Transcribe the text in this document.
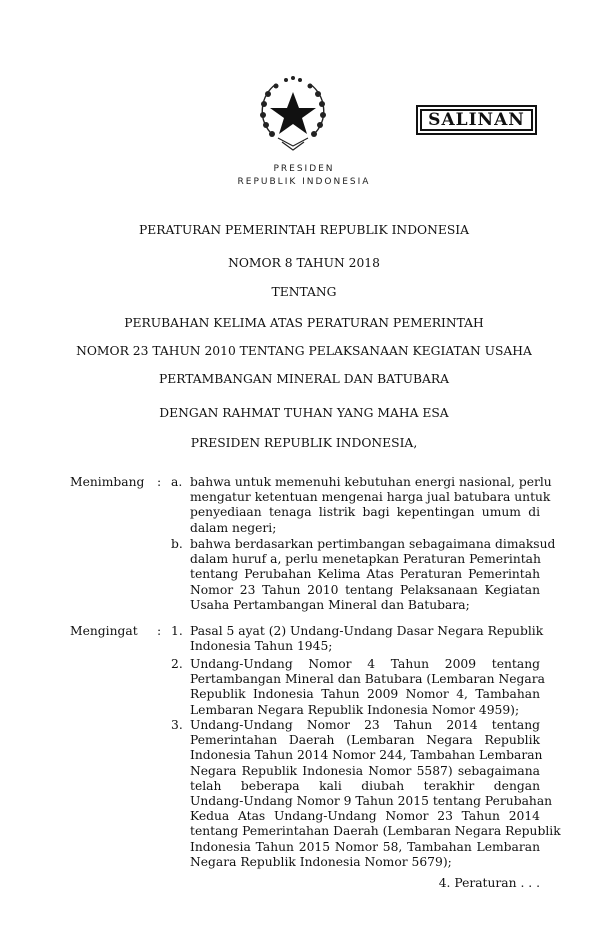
SALINAN
PRESIDEN
REPUBLIK INDONESIA
PERATURAN PEMERINTAH REPUBLIK INDONESIA
NOMOR 8 TAHUN 2018
TENTANG
PERUBAHAN KELIMA ATAS PERATURAN PEMERINTAH
NOMOR 23 TAHUN 2010 TENTANG PELAKSANAAN KEGIATAN USAHA
PERTAMBANGAN MINERAL DAN BATUBARA
DENGAN RAHMAT TUHAN YANG MAHA ESA
PRESIDEN REPUBLIK INDONESIA,
Menimbang : a. bahwa untuk memenuhi kebutuhan energi nasional, perlu
mengatur ketentuan mengenai harga jual batubara untuk
penyediaan tenaga listrik bagi kepentingan umum di
dalam negeri;
b. bahwa berdasarkan pertimbangan sebagaimana dimaksud
dalam huruf a, perlu menetapkan Peraturan Pemerintah
tentang Perubahan Kelima Atas Peraturan Pemerintah
Nomor 23 Tahun 2010 tentang Pelaksanaan Kegiatan
Usaha Pertambangan Mineral dan Batubara;
Mengingat : 1. Pasal 5 ayat (2) Undang-Undang Dasar Negara Republik
Indonesia Tahun 1945;
2. Undang-Undang Nomor 4 Tahun 2009 tentang
Pertambangan Mineral dan Batubara (Lembaran Negara
Republik Indonesia Tahun 2009 Nomor 4, Tambahan
Lembaran Negara Republik Indonesia Nomor 4959);
3. Undang-Undang Nomor 23 Tahun 2014 tentang
Pemerintahan Daerah (Lembaran Negara Republik
Indonesia Tahun 2014 Nomor 244, Tambahan Lembaran
Negara Republik Indonesia Nomor 5587) sebagaimana
telah beberapa kali diubah terakhir dengan
Undang-Undang Nomor 9 Tahun 2015 tentang Perubahan
Kedua Atas Undang-Undang Nomor 23 Tahun 2014
tentang Pemerintahan Daerah (Lembaran Negara Republik
Indonesia Tahun 2015 Nomor 58, Tambahan Lembaran
Negara Republik Indonesia Nomor 5679);
4. Peraturan . . .
